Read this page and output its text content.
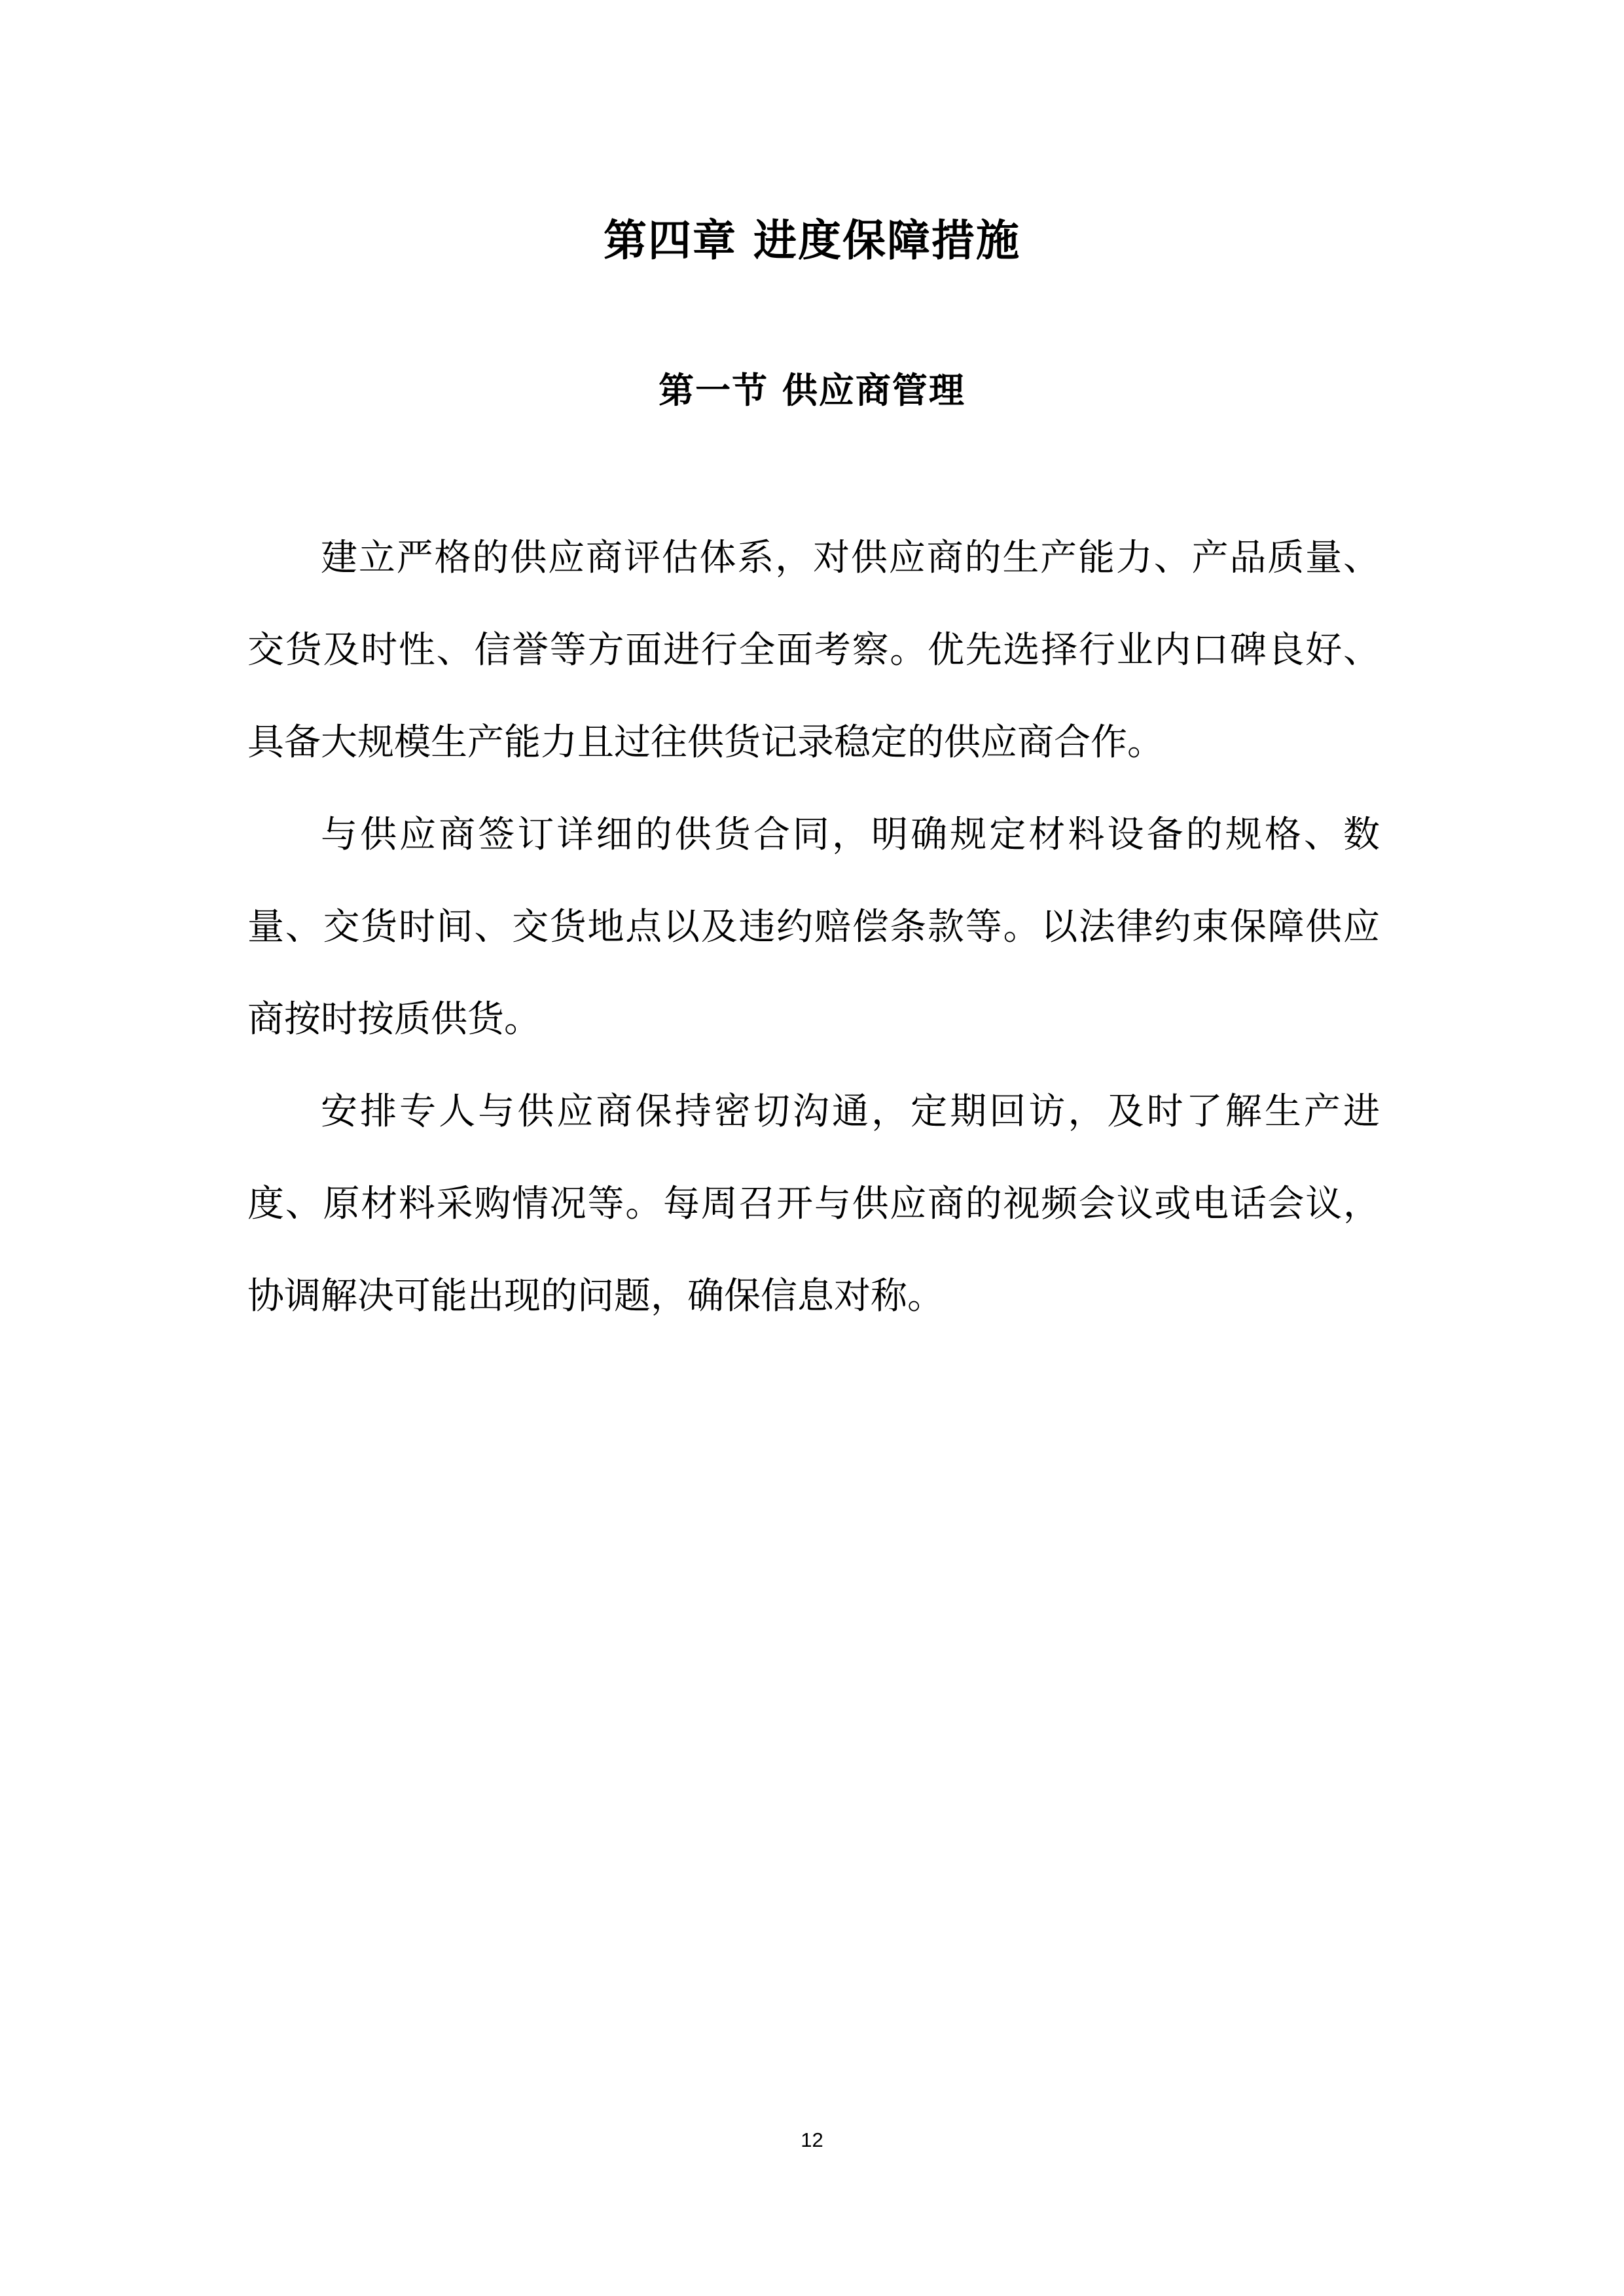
第四章 进度保障措施
第一节 供应商管理

建立严格的供应商评估体系，对供应商的生产能力、产品质量、交货及时性、信誉等方面进行全面考察。优先选择行业内口碑良好、具备大规模生产能力且过往供货记录稳定的供应商合作。

与供应商签订详细的供货合同，明确规定材料设备的规格、数量、交货时间、交货地点以及违约赔偿条款等。以法律约束保障供应商按时按质供货。

安排专人与供应商保持密切沟通，定期回访，及时了解生产进度、原材料采购情况等。每周召开与供应商的视频会议或电话会议，协调解决可能出现的问题，确保信息对称。

12
